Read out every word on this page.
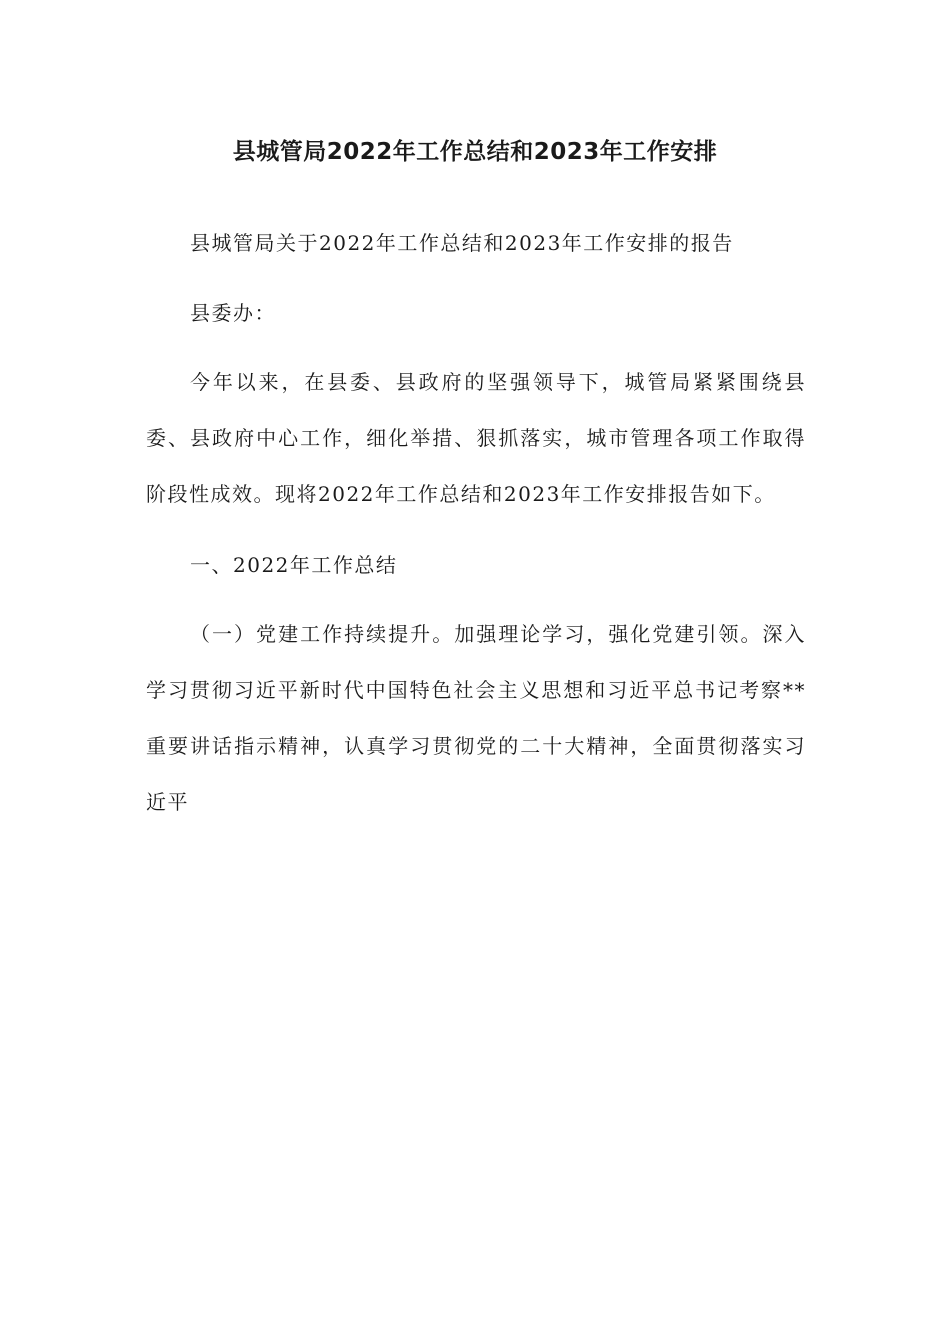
县城管局2022年工作总结和2023年工作安排

县城管局关于2022年工作总结和2023年工作安排的报告

县委办：

今年以来，在县委、县政府的坚强领导下，城管局紧紧围绕县委、县政府中心工作，细化举措、狠抓落实，城市管理各项工作取得阶段性成效。现将2022年工作总结和2023年工作安排报告如下。

一、2022年工作总结

（一）党建工作持续提升。加强理论学习，强化党建引领。深入学习贯彻习近平新时代中国特色社会主义思想和习近平总书记考察**重要讲话指示精神，认真学习贯彻党的二十大精神，全面贯彻落实习近平
